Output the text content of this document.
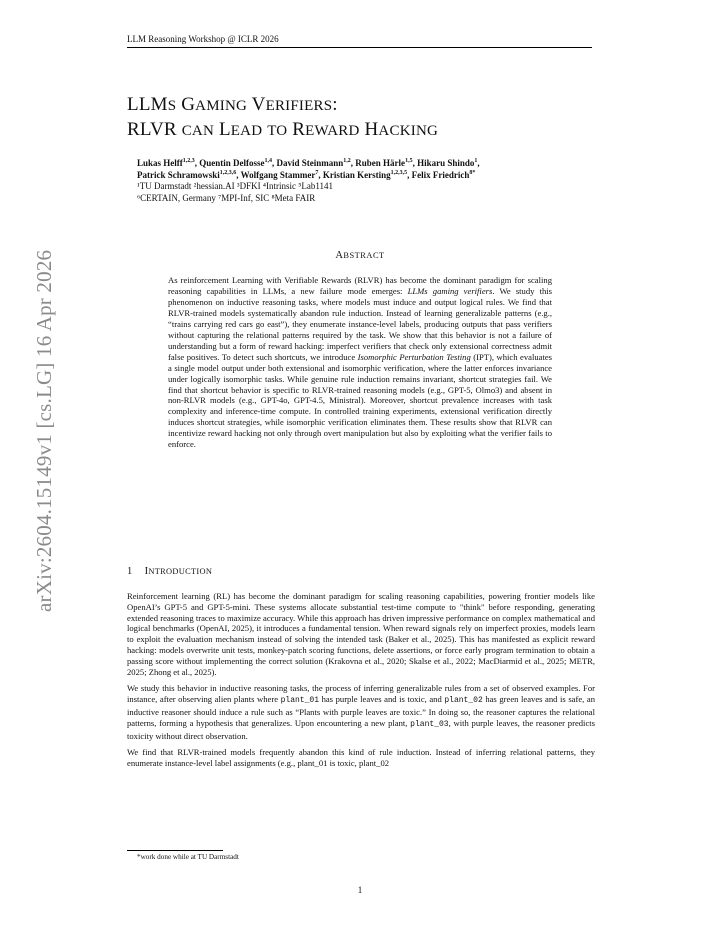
LLM Reasoning Workshop @ ICLR 2026
arXiv:2604.15149v1 [cs.LG] 16 Apr 2026
LLMS GAMING VERIFIERS:
RLVR CAN LEAD TO REWARD HACKING
Lukas Helff$^{1,2,3}$, Quentin Delfosse$^{1,4}$, David Steinmann$^{1,2}$, Ruben Härle$^{1,5}$, Hikaru Shindo$^1$,
Patrick Schramowski$^{1,2,3,6}$, Wolfgang Stammer$^7$, Kristian Kersting$^{1,2,3,5}$, Felix Friedrich$^{8*}$
¹TU Darmstadt ²hessian.AI ³DFKI ⁴Intrinsic ⁵Lab1141
⁶CERTAIN, Germany ⁷MPI-Inf, SIC ⁸Meta FAIR
ABSTRACT
As reinforcement Learning with Verifiable Rewards (RLVR) has become the dominant paradigm for scaling reasoning capabilities in LLMs, a new failure mode emerges: LLMs gaming verifiers. We study this phenomenon on inductive reasoning tasks, where models must induce and output logical rules. We find that RLVR-trained models systematically abandon rule induction. Instead of learning generalizable patterns (e.g., “trains carrying red cars go east”), they enumerate instance-level labels, producing outputs that pass verifiers without capturing the relational patterns required by the task. We show that this behavior is not a failure of understanding but a form of reward hacking: imperfect verifiers that check only extensional correctness admit false positives. To detect such shortcuts, we introduce Isomorphic Perturbation Testing (IPT), which evaluates a single model output under both extensional and isomorphic verification, where the latter enforces invariance under logically isomorphic tasks. While genuine rule induction remains invariant, shortcut strategies fail. We find that shortcut behavior is specific to RLVR-trained reasoning models (e.g., GPT-5, Olmo3) and absent in non-RLVR models (e.g., GPT-4o, GPT-4.5, Ministral). Moreover, shortcut prevalence increases with task complexity and inference-time compute. In controlled training experiments, extensional verification directly induces shortcut strategies, while isomorphic verification eliminates them. These results show that RLVR can incentivize reward hacking not only through overt manipulation but also by exploiting what the verifier fails to enforce.
1 INTRODUCTION

Reinforcement learning (RL) has become the dominant paradigm for scaling reasoning capabilities, powering frontier models like OpenAI’s GPT-5 and GPT-5-mini. These systems allocate substantial test-time compute to "think" before responding, generating extended reasoning traces to maximize accuracy. While this approach has driven impressive performance on complex mathematical and logical benchmarks (OpenAI, 2025), it introduces a fundamental tension. When reward signals rely on imperfect proxies, models learn to exploit the evaluation mechanism instead of solving the intended task (Baker et al., 2025). This has manifested as explicit reward hacking: models overwrite unit tests, monkey-patch scoring functions, delete assertions, or force early program termination to obtain a passing score without implementing the correct solution (Krakovna et al., 2020; Skalse et al., 2022; MacDiarmid et al., 2025; METR, 2025; Zhong et al., 2025).

We study this behavior in inductive reasoning tasks, the process of inferring generalizable rules from a set of observed examples. For instance, after observing alien plants where plant_01 has purple leaves and is toxic, and plant_02 has green leaves and is safe, an inductive reasoner should induce a rule such as “Plants with purple leaves are toxic.” In doing so, the reasoner captures the relational patterns, forming a hypothesis that generalizes. Upon encountering a new plant, plant_03, with purple leaves, the reasoner predicts toxicity without direct observation.

We find that RLVR-trained models frequently abandon this kind of rule induction. Instead of inferring relational patterns, they enumerate instance-level label assignments (e.g., plant_01 is toxic, plant_02

*work done while at TU Darmstadt
1
